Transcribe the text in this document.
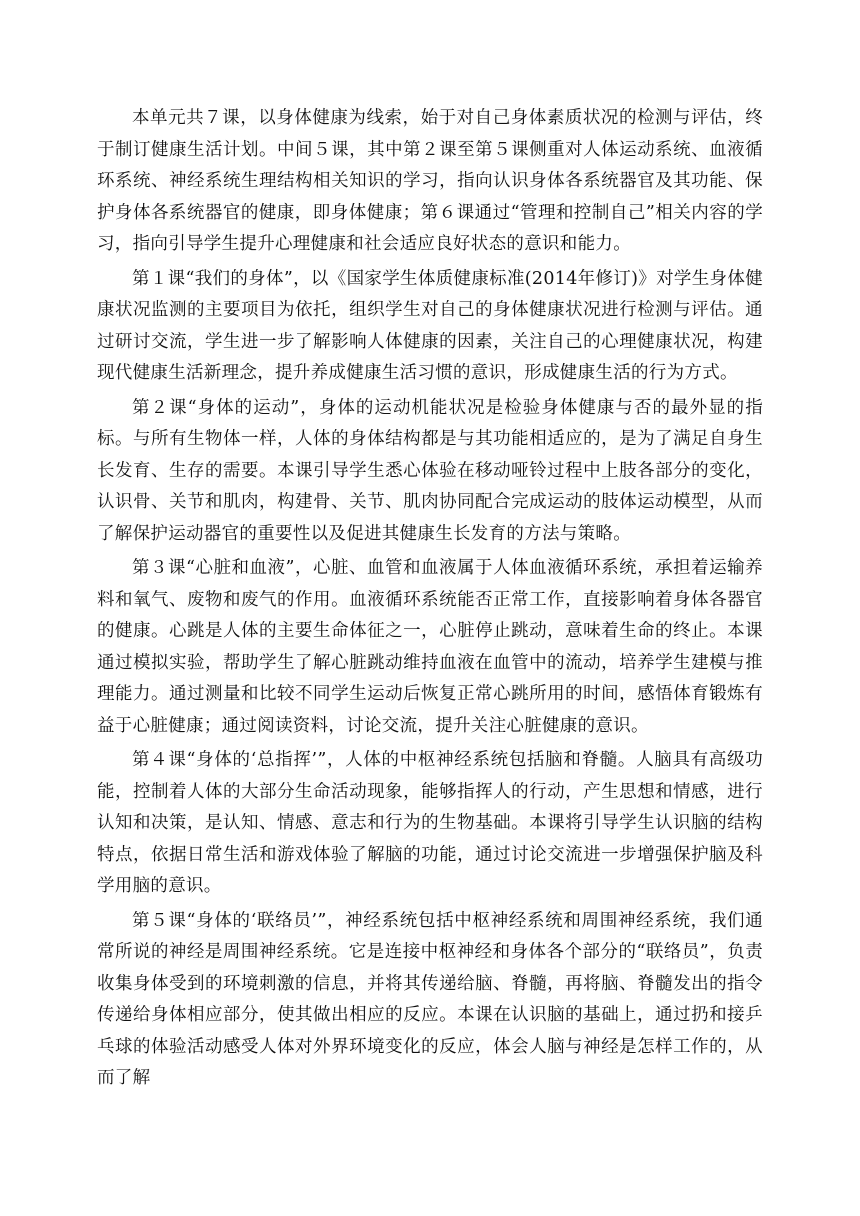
本单元共７课，以身体健康为线索，始于对自己身体素质状况的检测与评估，终于制订健康生活计划。中间５课，其中第２课至第５课侧重对人体运动系统、血液循环系统、神经系统生理结构相关知识的学习，指向认识身体各系统器官及其功能、保护身体各系统器官的健康，即身体健康；第６课通过“管理和控制自己”相关内容的学习，指向引导学生提升心理健康和社会适应良好状态的意识和能力。

第１课“我们的身体”，以《国家学生体质健康标准(2014年修订)》对学生身体健康状况监测的主要项目为依托，组织学生对自己的身体健康状况进行检测与评估。通过研讨交流，学生进一步了解影响人体健康的因素，关注自己的心理健康状况，构建现代健康生活新理念，提升养成健康生活习惯的意识，形成健康生活的行为方式。

第２课“身体的运动”，身体的运动机能状况是检验身体健康与否的最外显的指标。与所有生物体一样，人体的身体结构都是与其功能相适应的，是为了满足自身生长发育、生存的需要。本课引导学生悉心体验在移动哑铃过程中上肢各部分的变化，认识骨、关节和肌肉，构建骨、关节、肌肉协同配合完成运动的肢体运动模型，从而了解保护运动器官的重要性以及促进其健康生长发育的方法与策略。

第３课“心脏和血液”，心脏、血管和血液属于人体血液循环系统，承担着运输养料和氧气、废物和废气的作用。血液循环系统能否正常工作，直接影响着身体各器官的健康。心跳是人体的主要生命体征之一，心脏停止跳动，意味着生命的终止。本课通过模拟实验，帮助学生了解心脏跳动维持血液在血管中的流动，培养学生建模与推理能力。通过测量和比较不同学生运动后恢复正常心跳所用的时间，感悟体育锻炼有益于心脏健康；通过阅读资料，讨论交流，提升关注心脏健康的意识。

第４课“身体的‘总指挥’”，人体的中枢神经系统包括脑和脊髓。人脑具有高级功能，控制着人体的大部分生命活动现象，能够指挥人的行动，产生思想和情感，进行认知和决策，是认知、情感、意志和行为的生物基础。本课将引导学生认识脑的结构特点，依据日常生活和游戏体验了解脑的功能，通过讨论交流进一步增强保护脑及科学用脑的意识。

第５课“身体的‘联络员’”，神经系统包括中枢神经系统和周围神经系统，我们通常所说的神经是周围神经系统。它是连接中枢神经和身体各个部分的“联络员”，负责收集身体受到的环境刺激的信息，并将其传递给脑、脊髓，再将脑、脊髓发出的指令传递给身体相应部分，使其做出相应的反应。本课在认识脑的基础上，通过扔和接乒乓球的体验活动感受人体对外界环境变化的反应，体会人脑与神经是怎样工作的，从而了解
